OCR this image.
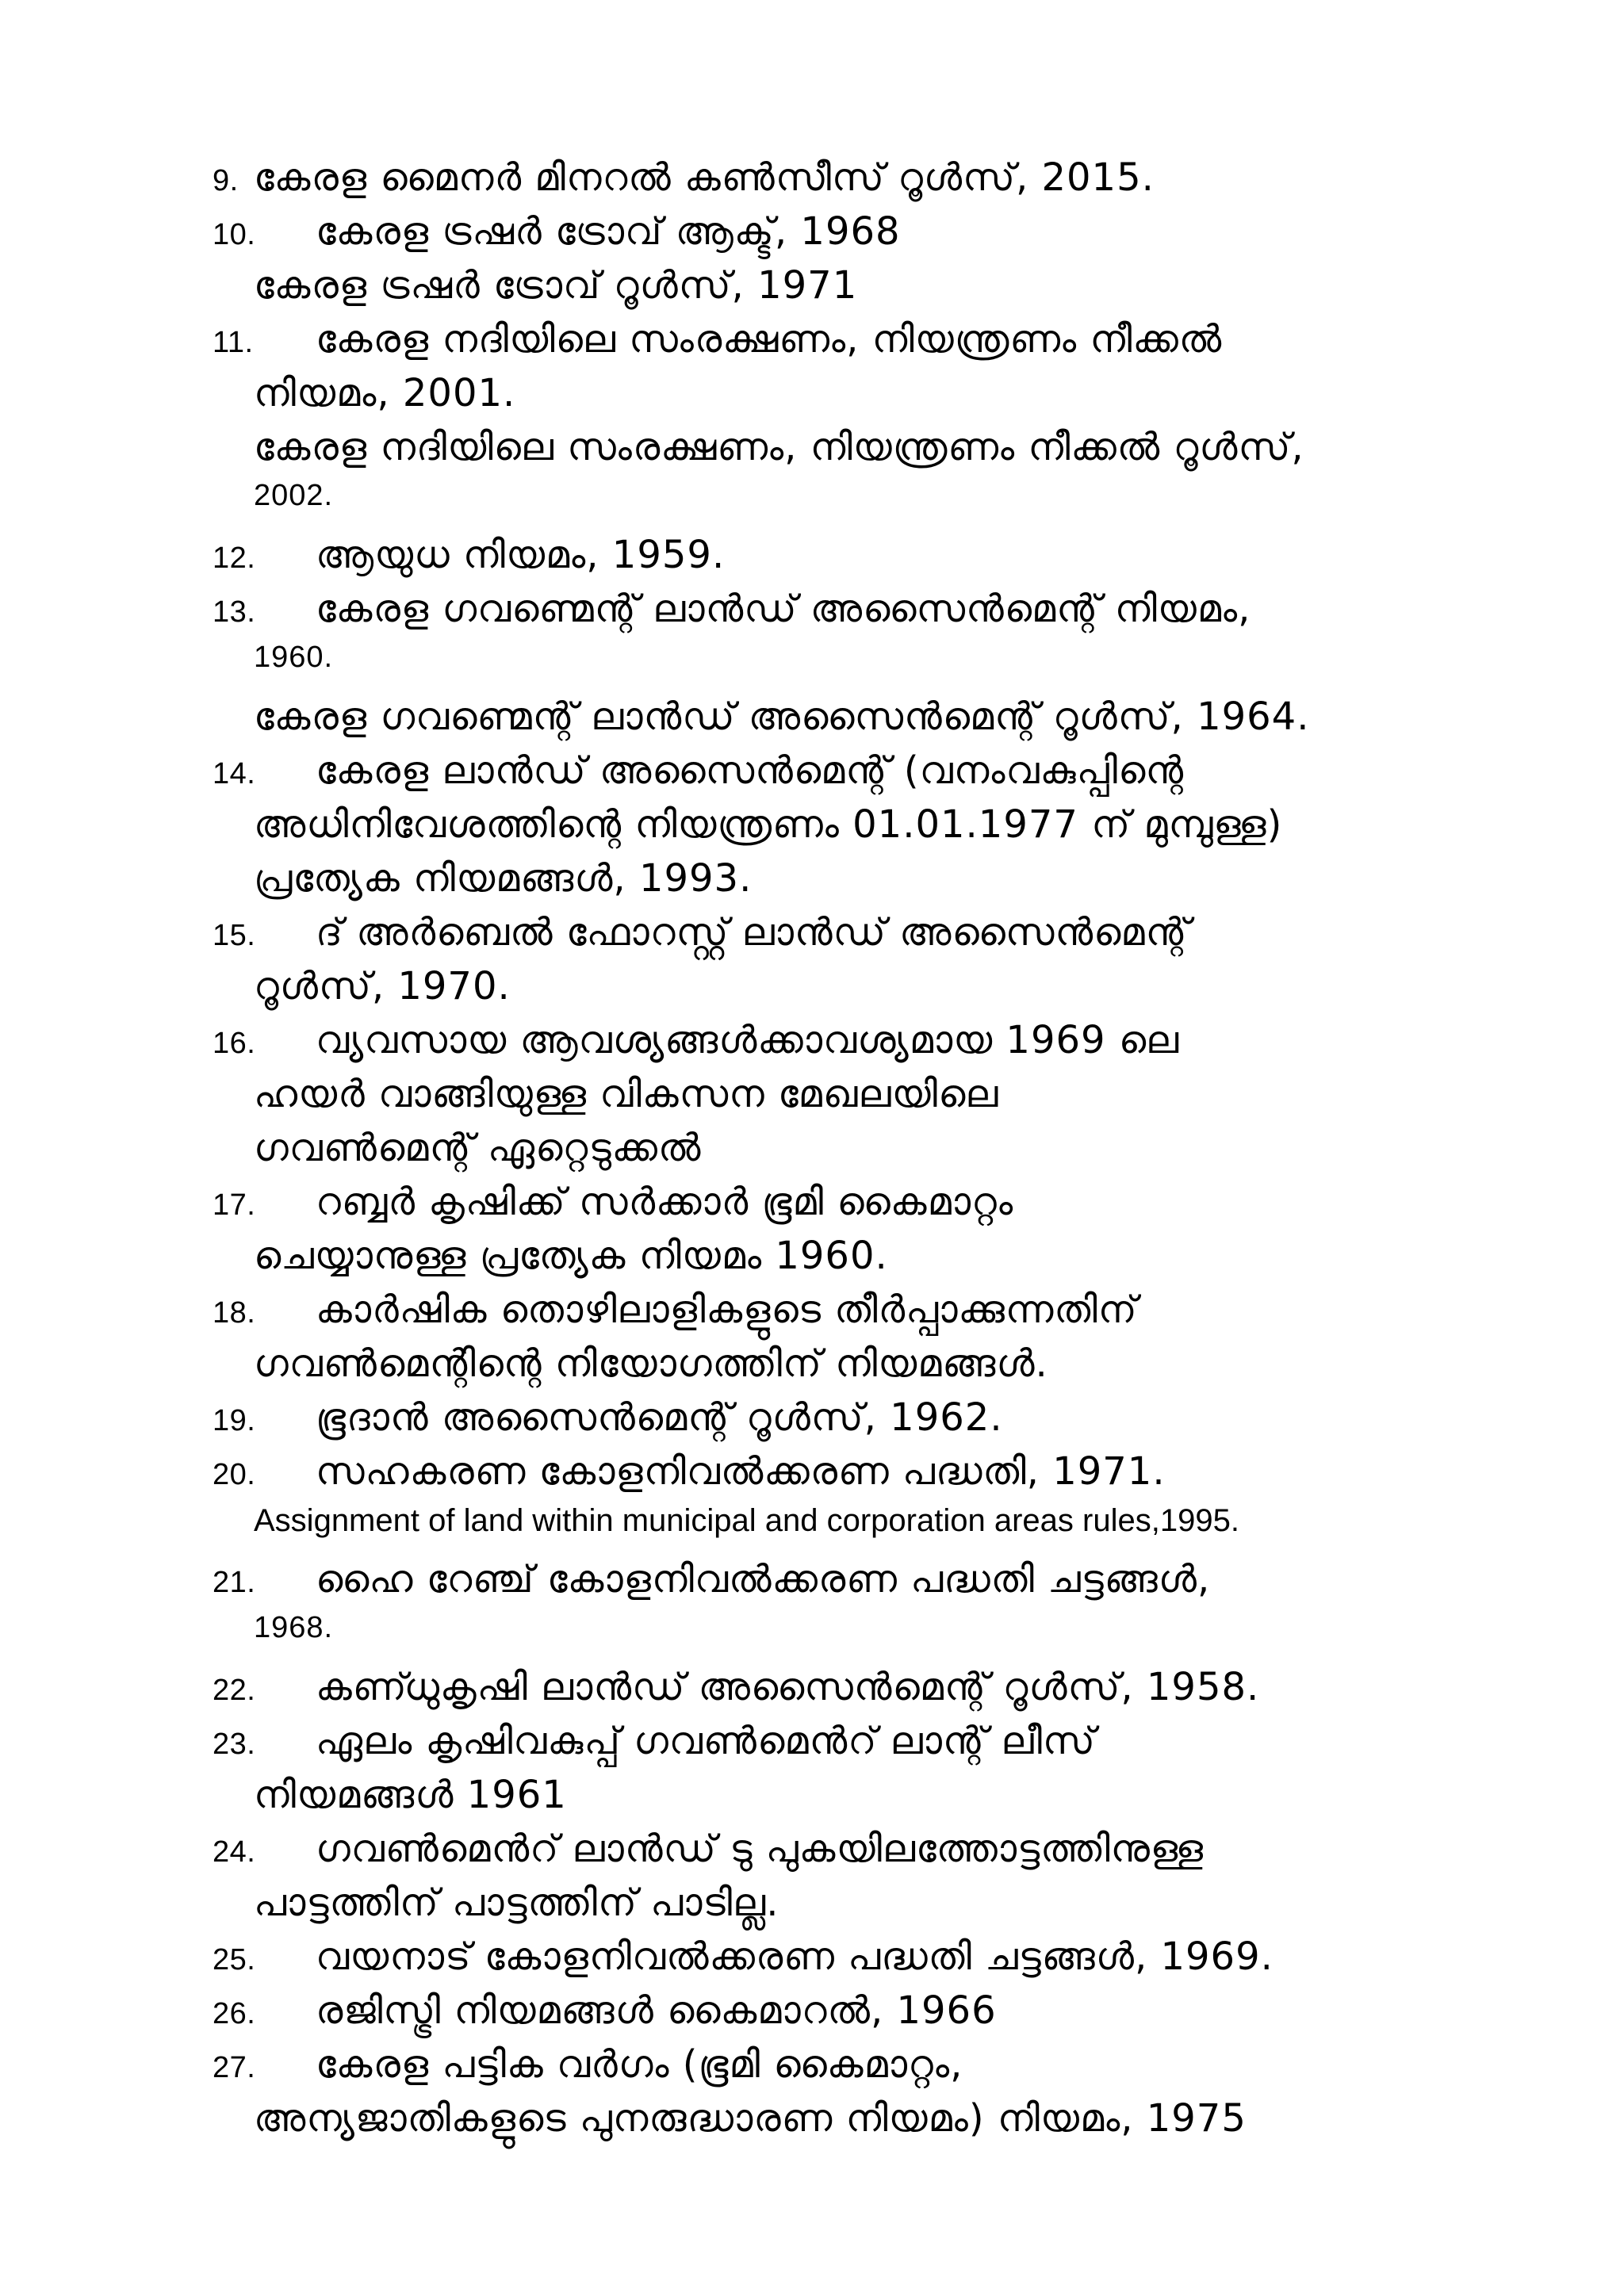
9. കേരള മൈനർ മിനറൽ കൺസീസ് റൂൾസ്, 2015.
10.	കേരള ട്രഷർ ട്രോവ് ആക്ട്, 1968
കേരള ട്രഷർ ട്രോവ് റൂൾസ്, 1971
11.	കേരള നദിയിലെ സംരക്ഷണം, നിയന്ത്രണം നീക്കൽ
നിയമം, 2001.
കേരള നദിയിലെ സംരക്ഷണം, നിയന്ത്രണം നീക്കൽ റൂൾസ്,
2002.
12.	ആയുധ നിയമം, 1959.
13.	കേരള ഗവണ്മെന്റ് ലാൻഡ് അസൈൻമെന്റ് നിയമം,
1960.
കേരള ഗവണ്മെന്റ് ലാൻഡ് അസൈൻമെന്റ് റൂൾസ്, 1964.
14.	കേരള ലാൻഡ് അസൈൻമെന്റ് (വനംവകുപ്പിന്റെ
അധിനിവേശത്തിന്റെ നിയന്ത്രണം 01.01.1977 ന് മുമ്പുള്ള)
പ്രത്യേക നിയമങ്ങൾ, 1993.
15.	ദ് അർബെൽ ഫോറസ്റ്റ് ലാൻഡ് അസൈൻമെന്റ്
റൂൾസ്, 1970.
16.	വ്യവസായ ആവശ്യങ്ങൾക്കാവശ്യമായ 1969 ലെ
ഹയർ വാങ്ങിയുള്ള വികസന മേഖലയിലെ
ഗവൺമെന്റ് ഏറ്റെടുക്കൽ
17.	റബ്ബർ കൃഷിക്ക് സർക്കാർ ഭൂമി കൈമാറ്റം
ചെയ്യാനുള്ള പ്രത്യേക നിയമം 1960.
18.	കാർഷിക തൊഴിലാളികളുടെ തീർപ്പാക്കുന്നതിന്
ഗവൺമെന്റിന്റെ നിയോഗത്തിന് നിയമങ്ങൾ.
19.	ഭൂദാൻ അസൈൻമെന്റ് റൂൾസ്, 1962.
20.	സഹകരണ കോളനിവൽക്കരണ പദ്ധതി, 1971.
Assignment of land within municipal and corporation areas rules,1995.
21.	ഹൈ റേഞ്ച് കോളനിവൽക്കരണ പദ്ധതി ചട്ടങ്ങൾ,
1968.
22.	കണ്ധുകൃഷി ലാൻഡ് അസൈൻമെന്റ് റൂൾസ്, 1958.
23.	ഏലം കൃഷിവകുപ്പ് ഗവൺമെൻറ് ലാന്റ് ലീസ്
നിയമങ്ങൾ 1961
24.	ഗവൺമെൻറ് ലാൻഡ് ടു പുകയിലത്തോട്ടത്തിനുള്ള
പാട്ടത്തിന് പാട്ടത്തിന് പാടില്ല.
25.	വയനാട് കോളനിവൽക്കരണ പദ്ധതി ചട്ടങ്ങൾ, 1969.
26.	രജിസ്ട്രി നിയമങ്ങൾ കൈമാറൽ, 1966
27.	കേരള പട്ടിക വർഗം (ഭൂമി കൈമാറ്റം,
അന്യജാതികളുടെ പുനരുദ്ധാരണ നിയമം) നിയമം, 1975
